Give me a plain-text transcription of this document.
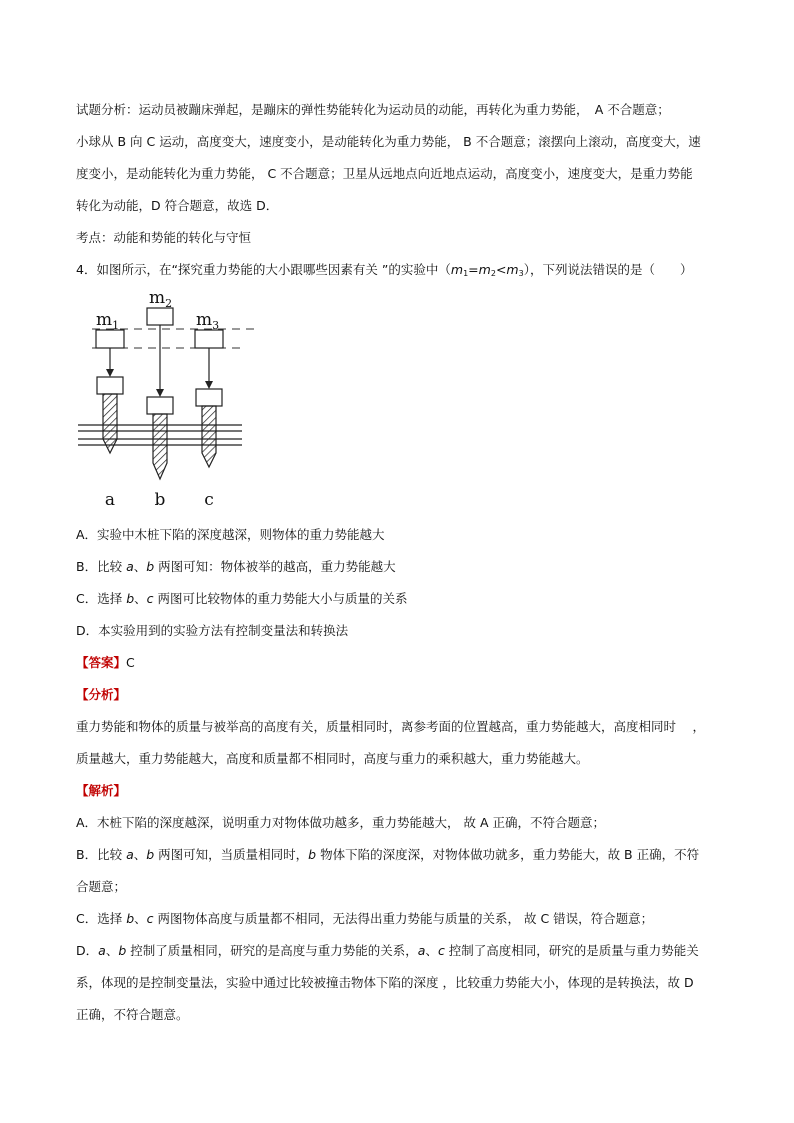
试题分析：运动员被蹦床弹起，是蹦床的弹性势能转化为运动员的动能，再转化为重力势能，　A 不合题意；
小球从 B 向 C 运动，高度变大，速度变小，是动能转化为重力势能， B 不合题意；滚摆向上滚动，高度变大，速
度变小，是动能转化为重力势能， C 不合题意；卫星从远地点向近地点运动，高度变小，速度变大，是重力势能
转化为动能，D 符合题意，故选 D．
考点：动能和势能的转化与守恒
4．如图所示，在“探究重力势能的大小跟哪些因素有关 ”的实验中$(m_1=m_2<m_3)$，下列说法错误的是（　　）
$m_1$
a
$m_2$
b
$m_3$
c
A．实验中木桩下陷的深度越深，则物体的重力势能越大
B．比较 a、b 两图可知：物体被举的越高，重力势能越大
C．选择 b、c 两图可比较物体的重力势能大小与质量的关系
D．本实验用到的实验方法有控制变量法和转换法
【答案】C
【分析】
重力势能和物体的质量与被举高的高度有关，质量相同时，离参考面的位置越高，重力势能越大，高度相同时　 ，
质量越大，重力势能越大，高度和质量都不相同时，高度与重力的乘积越大，重力势能越大。
【解析】
A．木桩下陷的深度越深，说明重力对物体做功越多，重力势能越大， 故 A 正确，不符合题意；
B．比较 a、b 两图可知，当质量相同时，b 物体下陷的深度深，对物体做功就多，重力势能大，故 B 正确，不符
合题意；
C．选择 b、c 两图物体高度与质量都不相同，无法得出重力势能与质量的关系， 故 C 错误，符合题意；
D．a、b 控制了质量相同，研究的是高度与重力势能的关系，a、c 控制了高度相同，研究的是质量与重力势能关
系，体现的是控制变量法，实验中通过比较被撞击物体下陷的深度 ，比较重力势能大小，体现的是转换法，故 D
正确，不符合题意。
